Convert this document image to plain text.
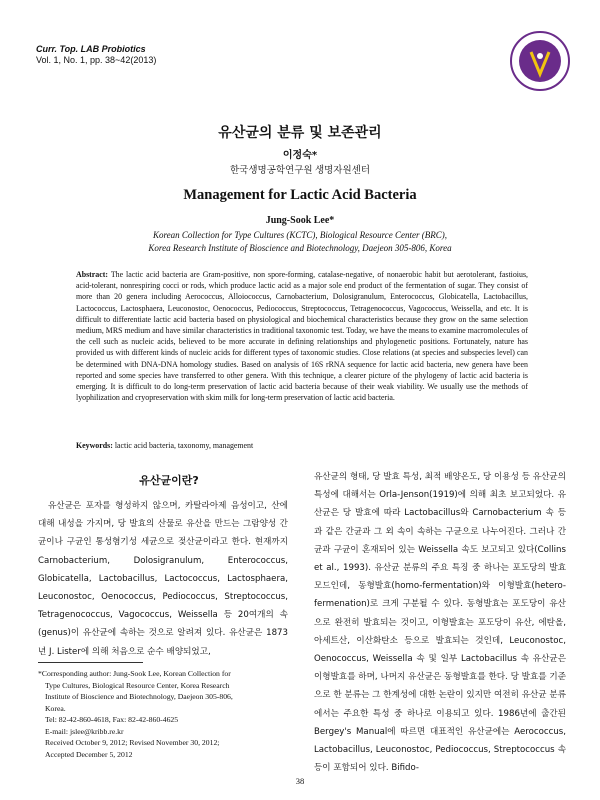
Curr. Top. LAB Probiotics
Vol. 1, No. 1, pp. 38~42(2013)
유산균의 분류 및 보존관리
이정숙*
한국생명공학연구원 생명자원센터
Management for Lactic Acid Bacteria
Jung-Sook Lee*
Korean Collection for Type Cultures (KCTC), Biological Resource Center (BRC),
Korea Research Institute of Bioscience and Biotechnology, Daejeon 305-806, Korea
Abstract: The lactic acid bacteria are Gram-positive, non spore-forming, catalase-negative, of nonaerobic habit but aerotolerant, fastioius, acid-tolerant, nonrespiring cocci or rods, which produce lactic acid as a major sole end product of the fermentation of sugar. They consist of more than 20 genera including Aerococcus, Alloiococcus, Carnobacterium, Dolosigranulum, Enterococcus, Globicatella, Lactobacillus, Lactococcus, Lactosphaera, Leuconostoc, Oenococcus, Pediococcus, Streptococcus, Tetragenococcus, Vagococcus, Weissella, and etc. It is difficult to differentiate lactic acid bacteria based on physiological and biochemical characteristics because they grow on the same selection medium, MRS medium and have similar characteristics in traditional taxonomic test. Today, we have the means to examine macromolecules of the cell such as nucleic acids, believed to be more accurate in defining relationships and phylogenetic positions. Fortunately, nature has provided us with different kinds of nucleic acids for different types of taxonomic studies. Close relations (at species and subspecies level) can be determined with DNA-DNA homology studies. Based on analysis of 16S rRNA sequence for lactic acid bacteria, new genera have been reported and some species have transferred to other genera. With this technique, a clearer picture of the phylogeny of lactic acid bacteria is emerging. It is difficult to do long-term preservation of lactic acid bacteria because of their weak viability. We usually use the methods of lyophilization and cryopreservation with skim milk for long-term preservation of lactic acid bacteria.
Keywords: lactic acid bacteria, taxonomy, management
유산균이란?

유산균은 포자를 형성하지 않으며, 카탈라아제 음성이고, 산에 대해 내성을 가지며, 당 발효의 산물로 유산을 만드는 그람양성 간균이나 구균인 통성혐기성 세균으로 젖산균이라고 한다. 현재까지 Carnobacterium, Dolosigranulum, Enterococcus, Globicatella, Lactobacillus, Lactococcus, Lactosphaera, Leuconostoc, Oenococcus, Pediococcus, Streptococcus, Tetragenococcus, Vagococcus, Weissella 등 20여개의 속(genus)이 유산균에 속하는 것으로 알려져 있다. 유산균은 1873년 J. Lister에 의해 처음으로 순수 배양되었고,

유산균의 형태, 당 발효 특성, 최적 배양온도, 당 이용성 등 유산균의 특성에 대해서는 Orla-Jenson(1919)에 의해 최초 보고되었다. 유산균은 당 발효에 따라 Lactobacillus와 Carnobacterium 속 등과 같은 간균과 그 외 속이 속하는 구균으로 나누어진다. 그러나 간균과 구균이 혼재되어 있는 Weissella 속도 보고되고 있다(Collins et al., 1993). 유산균 분류의 주요 특징 중 하나는 포도당의 발효 모드인데, 동형발효(homo-fermentation)와 이형발효(hetero-fermenation)로 크게 구분될 수 있다. 동형발효는 포도당이 유산으로 완전히 발효되는 것이고, 이형발효는 포도당이 유산, 에탄올, 아세트산, 이산화탄소 등으로 발효되는 것인데, Leuconostoc, Oenococcus, Weissella 속 및 일부 Lactobacillus 속 유산균은 이형발효를 하며, 나머지 유산균은 동형발효를 한다. 당 발효를 기준으로 한 분류는 그 한계성에 대한 논란이 있지만 여전히 유산균 분류에서는 주요한 특성 중 하나로 이용되고 있다. 1986년에 출간된 Bergey's Manual에 따르면 대표적인 유산균에는 Aerococcus, Lactobacillus, Leuconostoc, Pediococcus, Streptococcus 속 등이 포함되어 있다. Bifido-

*Corresponding author: Jung-Sook Lee, Korean Collection for
Type Cultures, Biological Resource Center, Korea Research
Institute of Bioscience and Biotechnology, Daejeon 305-806,
Korea.
Tel: 82-42-860-4618, Fax: 82-42-860-4625
E-mail: jslee@kribb.re.kr
Received October 9, 2012; Revised November 30, 2012;
Accepted December 5, 2012
38
